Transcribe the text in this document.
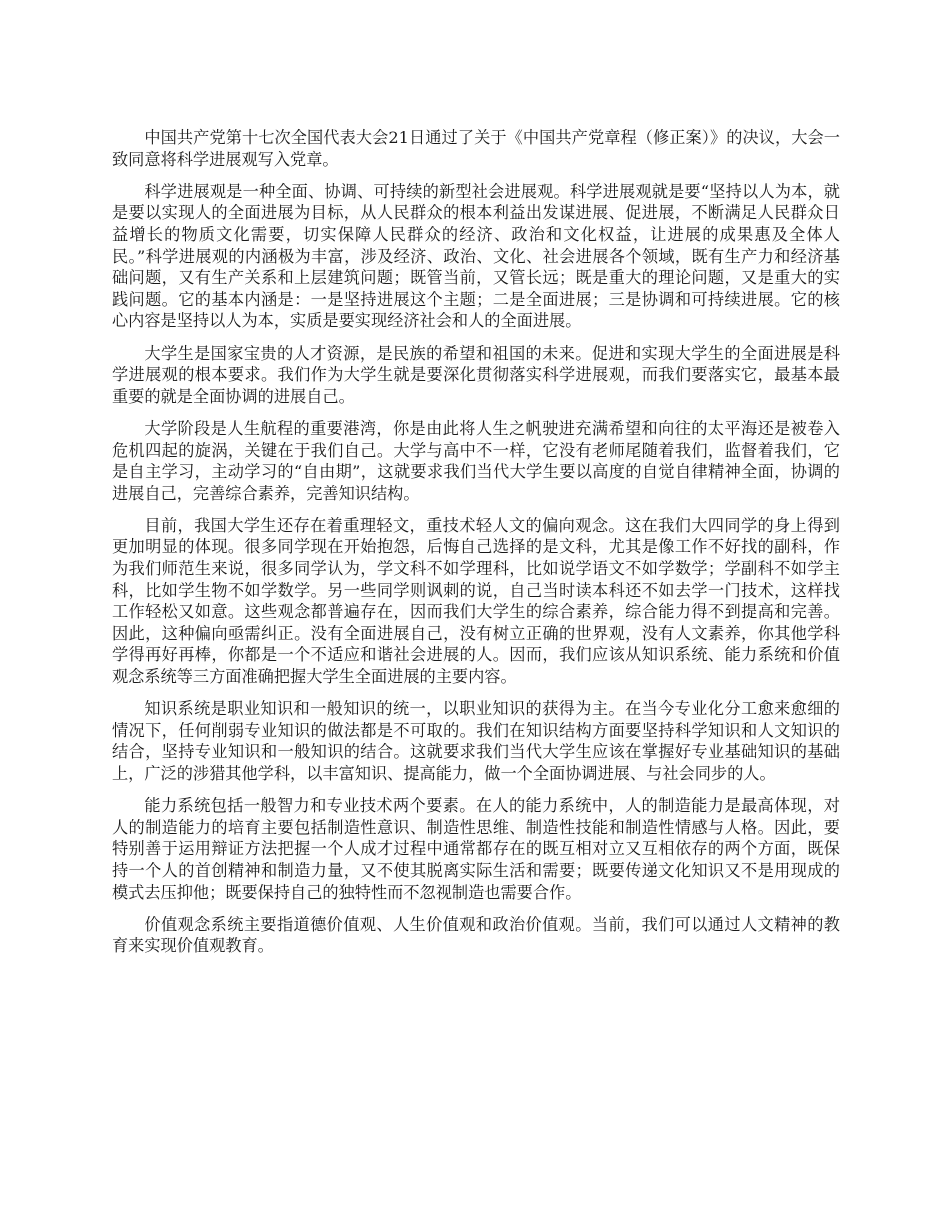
中国共产党第十七次全国代表大会21日通过了关于《中国共产党章程（修正案）》的决议，大会一致同意将科学进展观写入党章。

科学进展观是一种全面、协调、可持续的新型社会进展观。科学进展观就是要“坚持以人为本，就是要以实现人的全面进展为目标，从人民群众的根本利益出发谋进展、促进展，不断满足人民群众日益增长的物质文化需要，切实保障人民群众的经济、政治和文化权益，让进展的成果惠及全体人民。”科学进展观的内涵极为丰富，涉及经济、政治、文化、社会进展各个领域，既有生产力和经济基础问题，又有生产关系和上层建筑问题；既管当前，又管长远；既是重大的理论问题，又是重大的实践问题。它的基本内涵是：一是坚持进展这个主题；二是全面进展；三是协调和可持续进展。它的核心内容是坚持以人为本，实质是要实现经济社会和人的全面进展。

大学生是国家宝贵的人才资源，是民族的希望和祖国的未来。促进和实现大学生的全面进展是科学进展观的根本要求。我们作为大学生就是要深化贯彻落实科学进展观，而我们要落实它，最基本最重要的就是全面协调的进展自己。

大学阶段是人生航程的重要港湾，你是由此将人生之帆驶进充满希望和向往的太平海还是被卷入危机四起的旋涡，关键在于我们自己。大学与高中不一样，它没有老师尾随着我们，监督着我们，它是自主学习，主动学习的“自由期”，这就要求我们当代大学生要以高度的自觉自律精神全面，协调的进展自己，完善综合素养，完善知识结构。

目前，我国大学生还存在着重理轻文，重技术轻人文的偏向观念。这在我们大四同学的身上得到更加明显的体现。很多同学现在开始抱怨，后悔自己选择的是文科，尤其是像工作不好找的副科，作为我们师范生来说，很多同学认为，学文科不如学理科，比如说学语文不如学数学；学副科不如学主科，比如学生物不如学数学。另一些同学则讽刺的说，自己当时读本科还不如去学一门技术，这样找工作轻松又如意。这些观念都普遍存在，因而我们大学生的综合素养，综合能力得不到提高和完善。因此，这种偏向亟需纠正。没有全面进展自己，没有树立正确的世界观，没有人文素养，你其他学科学得再好再棒，你都是一个不适应和谐社会进展的人。因而，我们应该从知识系统、能力系统和价值观念系统等三方面准确把握大学生全面进展的主要内容。

知识系统是职业知识和一般知识的统一，以职业知识的获得为主。在当今专业化分工愈来愈细的情况下，任何削弱专业知识的做法都是不可取的。我们在知识结构方面要坚持科学知识和人文知识的结合，坚持专业知识和一般知识的结合。这就要求我们当代大学生应该在掌握好专业基础知识的基础上，广泛的涉猎其他学科，以丰富知识、提高能力，做一个全面协调进展、与社会同步的人。

能力系统包括一般智力和专业技术两个要素。在人的能力系统中，人的制造能力是最高体现，对人的制造能力的培育主要包括制造性意识、制造性思维、制造性技能和制造性情感与人格。因此，要特别善于运用辩证方法把握一个人成才过程中通常都存在的既互相对立又互相依存的两个方面，既保持一个人的首创精神和制造力量，又不使其脱离实际生活和需要；既要传递文化知识又不是用现成的模式去压抑他；既要保持自己的独特性而不忽视制造也需要合作。

价值观念系统主要指道德价值观、人生价值观和政治价值观。当前，我们可以通过人文精神的教育来实现价值观教育。
